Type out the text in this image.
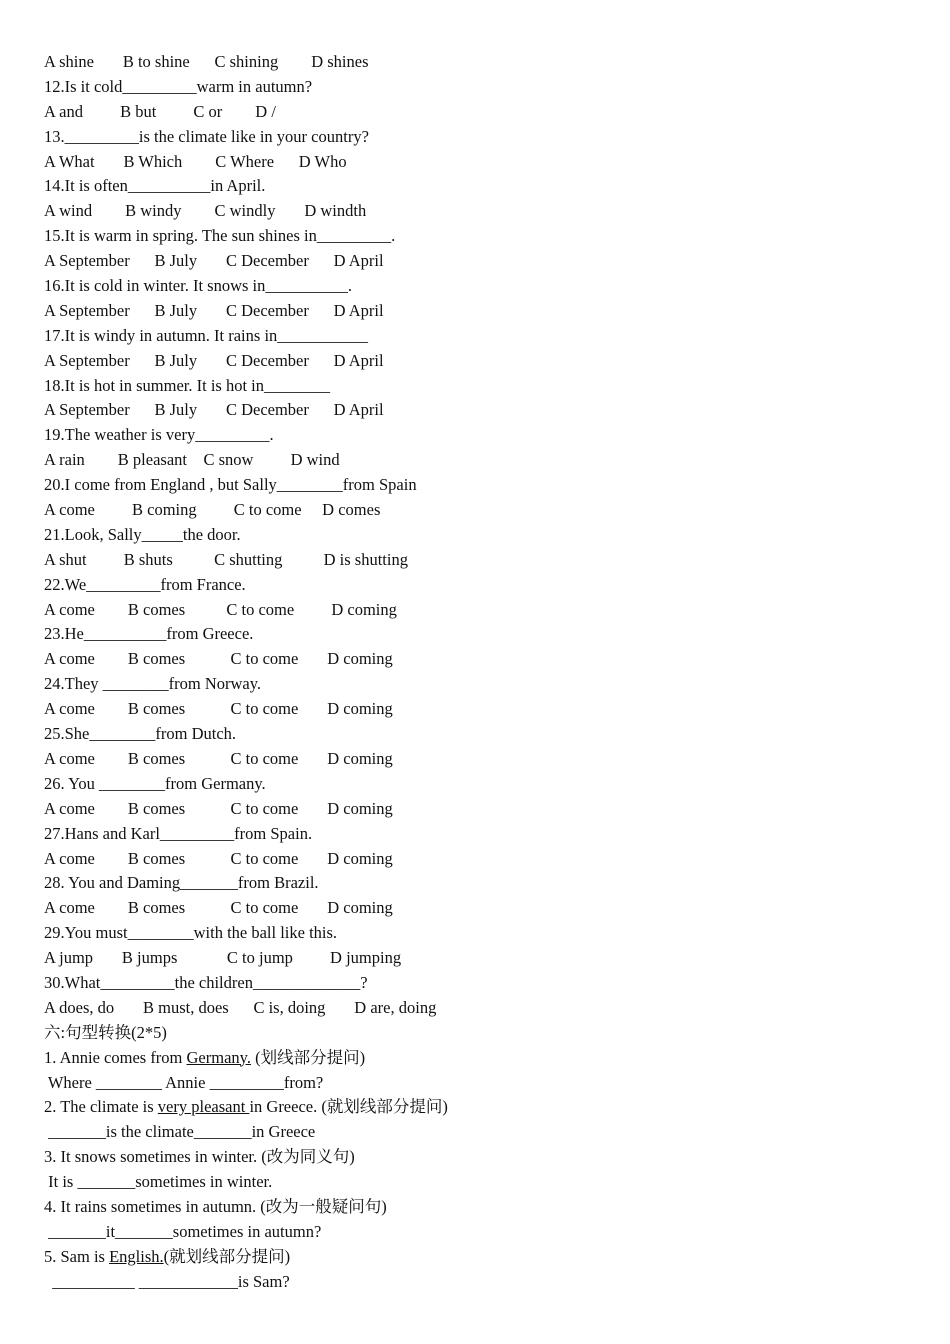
A shine       B to shine      C shining        D shines
12.Is it cold_________warm in autumn?
A and         B but         C or        D /
13._________is the climate like in your country?
A What       B Which        C Where      D Who
14.It is often__________in April.
A wind        B windy        C windly       D windth
15.It is warm in spring. The sun shines in_________.
A September      B July       C December      D April
16.It is cold in winter. It snows in__________.
A September      B July       C December      D April
17.It is windy in autumn. It rains in___________
A September      B July       C December      D April
18.It is hot in summer. It is hot in________
A September      B July       C December      D April
19.The weather is very_________.
A rain        B pleasant    C snow         D wind
20.I come from England , but Sally________from Spain
A come         B coming         C to come     D comes
21.Look, Sally_____the door.
A shut         B shuts          C shutting          D is shutting
22.We_________from France.
A come        B comes          C to come         D coming
23.He__________from Greece.
A come        B comes           C to come       D coming
24.They ________from Norway.
A come        B comes           C to come       D coming
25.She________from Dutch.
A come        B comes           C to come       D coming
26. You ________from Germany.
A come        B comes           C to come       D coming
27.Hans and Karl_________from Spain.
A come        B comes           C to come       D coming
28. You and Daming_______from Brazil.
A come        B comes           C to come       D coming
29.You must________with the ball like this.
A jump       B jumps            C to jump         D jumping
30.What_________the children_____________?
A does, do       B must, does      C is, doing       D are, doing
六:句型转换(2*5)
1. Annie comes from Germany. (划线部分提问)
Where ________ Annie _________from?
2. The climate is very pleasant in Greece. (就划线部分提问)
_______is the climate_______in Greece
3. It snows sometimes in winter. (改为同义句)
It is _______sometimes in winter.
4. It rains sometimes in autumn. (改为一般疑问句)
_______it_______sometimes in autumn?
5. Sam is English.(就划线部分提问)
__________ ____________is Sam?
